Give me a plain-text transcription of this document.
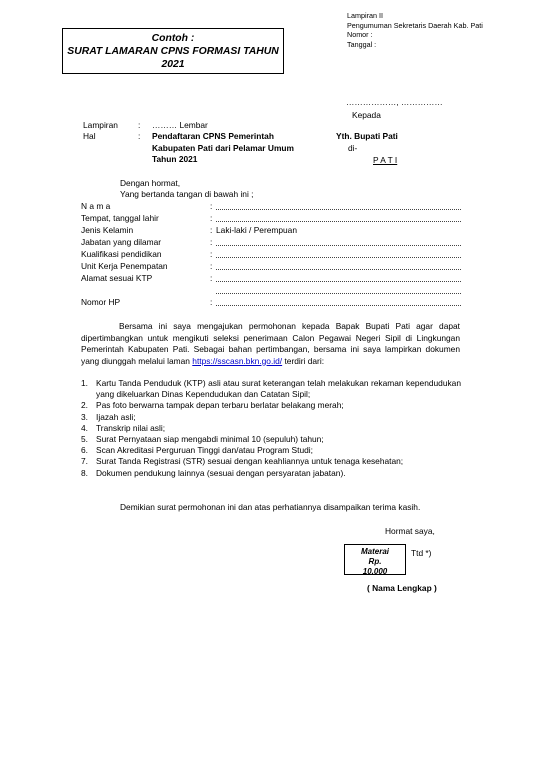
Lampiran II
Pengumuman Sekretaris Daerah Kab. Pati
Nomor :
Tanggal :
Contoh :
SURAT LAMARAN CPNS FORMASI TAHUN
2021
………………, ……………
Kepada
Lampiran : ……… Lembar
Hal	: Pendaftaran CPNS Pemerintah
Kabupaten Pati dari Pelamar Umum
Tahun 2021
Yth. Bupati Pati
di-
P A T I
Dengan hormat,
Yang bertanda tangan di bawah ini ;
N a m a	:
Tempat, tanggal lahir	:
Jenis Kelamin	: Laki-laki / Perempuan
Jabatan yang dilamar	:
Kualifikasi pendidikan	:
Unit Kerja Penempatan	:
Alamat sesuai KTP	:
Nomor HP	:
Bersama ini saya mengajukan permohonan kepada Bapak Bupati Pati agar dapat dipertimbangkan untuk mengikuti seleksi penerimaan Calon Pegawai Negeri Sipil di Lingkungan Pemerintah Kabupaten Pati. Sebagai bahan pertimbangan, bersama ini saya lampirkan dokumen yang diunggah melalui laman https://sscasn.bkn.go.id/ terdiri dari:
1. Kartu Tanda Penduduk (KTP) asli atau surat keterangan telah melakukan rekaman kependudukan yang dikeluarkan Dinas Kependudukan dan Catatan Sipil;
2. Pas foto berwarna tampak depan terbaru berlatar belakang merah;
3. Ijazah asli;
4. Transkrip nilai asli;
5. Surat Pernyataan siap mengabdi minimal 10 (sepuluh) tahun;
6. Scan Akreditasi Perguruan Tinggi dan/atau Program Studi;
7. Surat Tanda Registrasi (STR) sesuai dengan keahliannya untuk tenaga kesehatan;
8. Dokumen pendukung lainnya (sesuai dengan persyaratan jabatan).
Demikian surat permohonan ini dan atas perhatiannya disampaikan terima kasih.
Hormat saya,
Materai
Rp.
10.000
Ttd *)
( Nama Lengkap )
